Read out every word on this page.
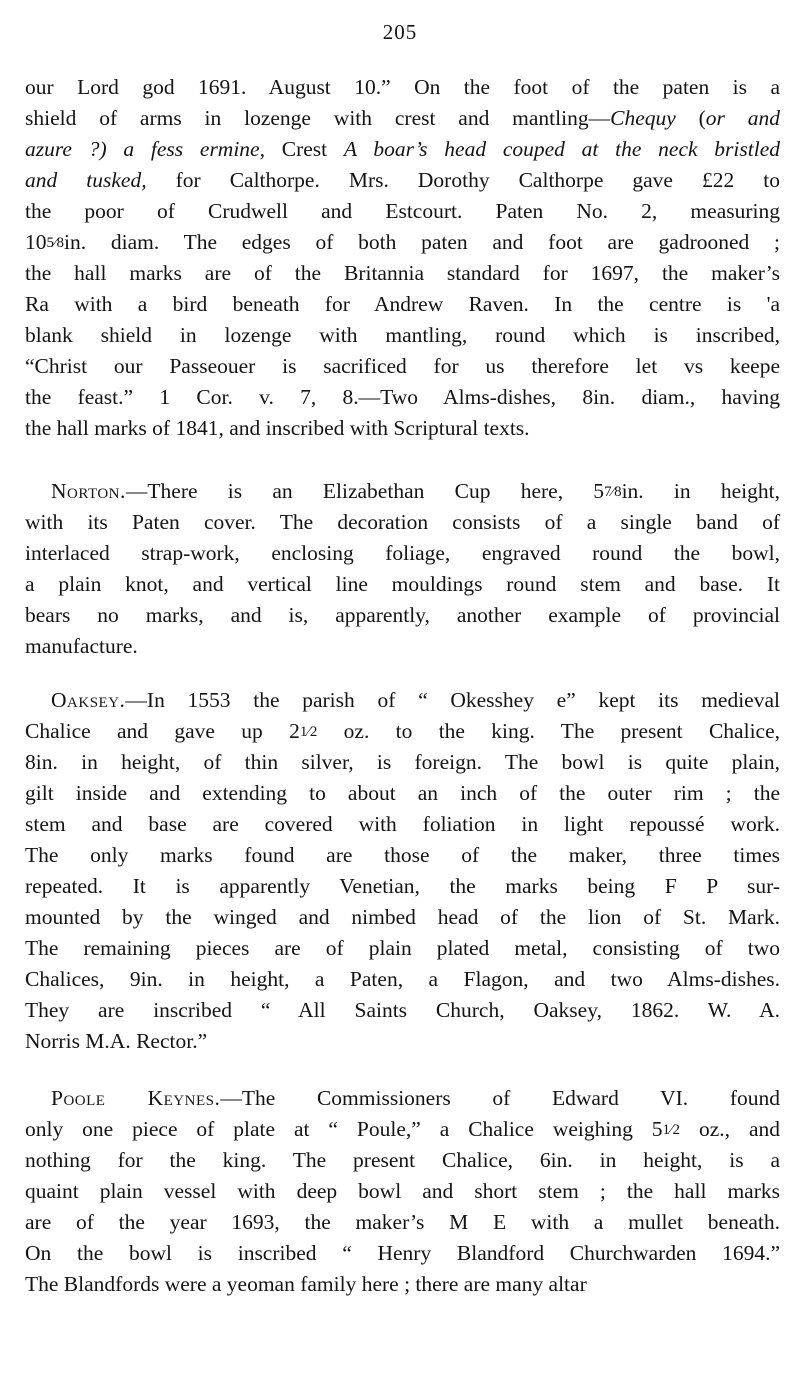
205
our Lord god 1691. August 10.” On the foot of the paten is a
shield of arms in lozenge with crest and mantling—Chequy (or and
azure ?) a fess ermine, Crest A boar’s head couped at the neck bristled
and tusked, for Calthorpe. Mrs. Dorothy Calthorpe gave £22 to
the poor of Crudwell and Estcourt. Paten No. 2, measuring
105⁄8in. diam. The edges of both paten and foot are gadrooned ;
the hall marks are of the Britannia standard for 1697, the maker’s
Ra with a bird beneath for Andrew Raven. In the centre is 'a
blank shield in lozenge with mantling, round which is inscribed,
“Christ our Passeouer is sacrificed for us therefore let vs keepe
the feast.” 1 Cor. v. 7, 8.—Two Alms-dishes, 8in. diam., having
the hall marks of 1841, and inscribed with Scriptural texts.
Norton.—There is an Elizabethan Cup here, 57⁄8in. in height,
with its Paten cover. The decoration consists of a single band of
interlaced strap-work, enclosing foliage, engraved round the bowl,
a plain knot, and vertical line mouldings round stem and base. It
bears no marks, and is, apparently, another example of provincial
manufacture.
Oaksey.—In 1553 the parish of “ Okesshey e” kept its medieval
Chalice and gave up 21⁄2 oz. to the king. The present Chalice,
8in. in height, of thin silver, is foreign. The bowl is quite plain,
gilt inside and extending to about an inch of the outer rim ; the
stem and base are covered with foliation in light repoussé work.
The only marks found are those of the maker, three times
repeated. It is apparently Venetian, the marks being F P sur-
mounted by the winged and nimbed head of the lion of St. Mark.
The remaining pieces are of plain plated metal, consisting of two
Chalices, 9in. in height, a Paten, a Flagon, and two Alms-dishes.
They are inscribed “ All Saints Church, Oaksey, 1862. W. A.
Norris M.A. Rector.”
Poole Keynes.—The Commissioners of Edward VI. found
only one piece of plate at “ Poule,” a Chalice weighing 51⁄2 oz., and
nothing for the king. The present Chalice, 6in. in height, is a
quaint plain vessel with deep bowl and short stem ; the hall marks
are of the year 1693, the maker’s M E with a mullet beneath.
On the bowl is inscribed “ Henry Blandford Churchwarden 1694.”
The Blandfords were a yeoman family here ; there are many altar
